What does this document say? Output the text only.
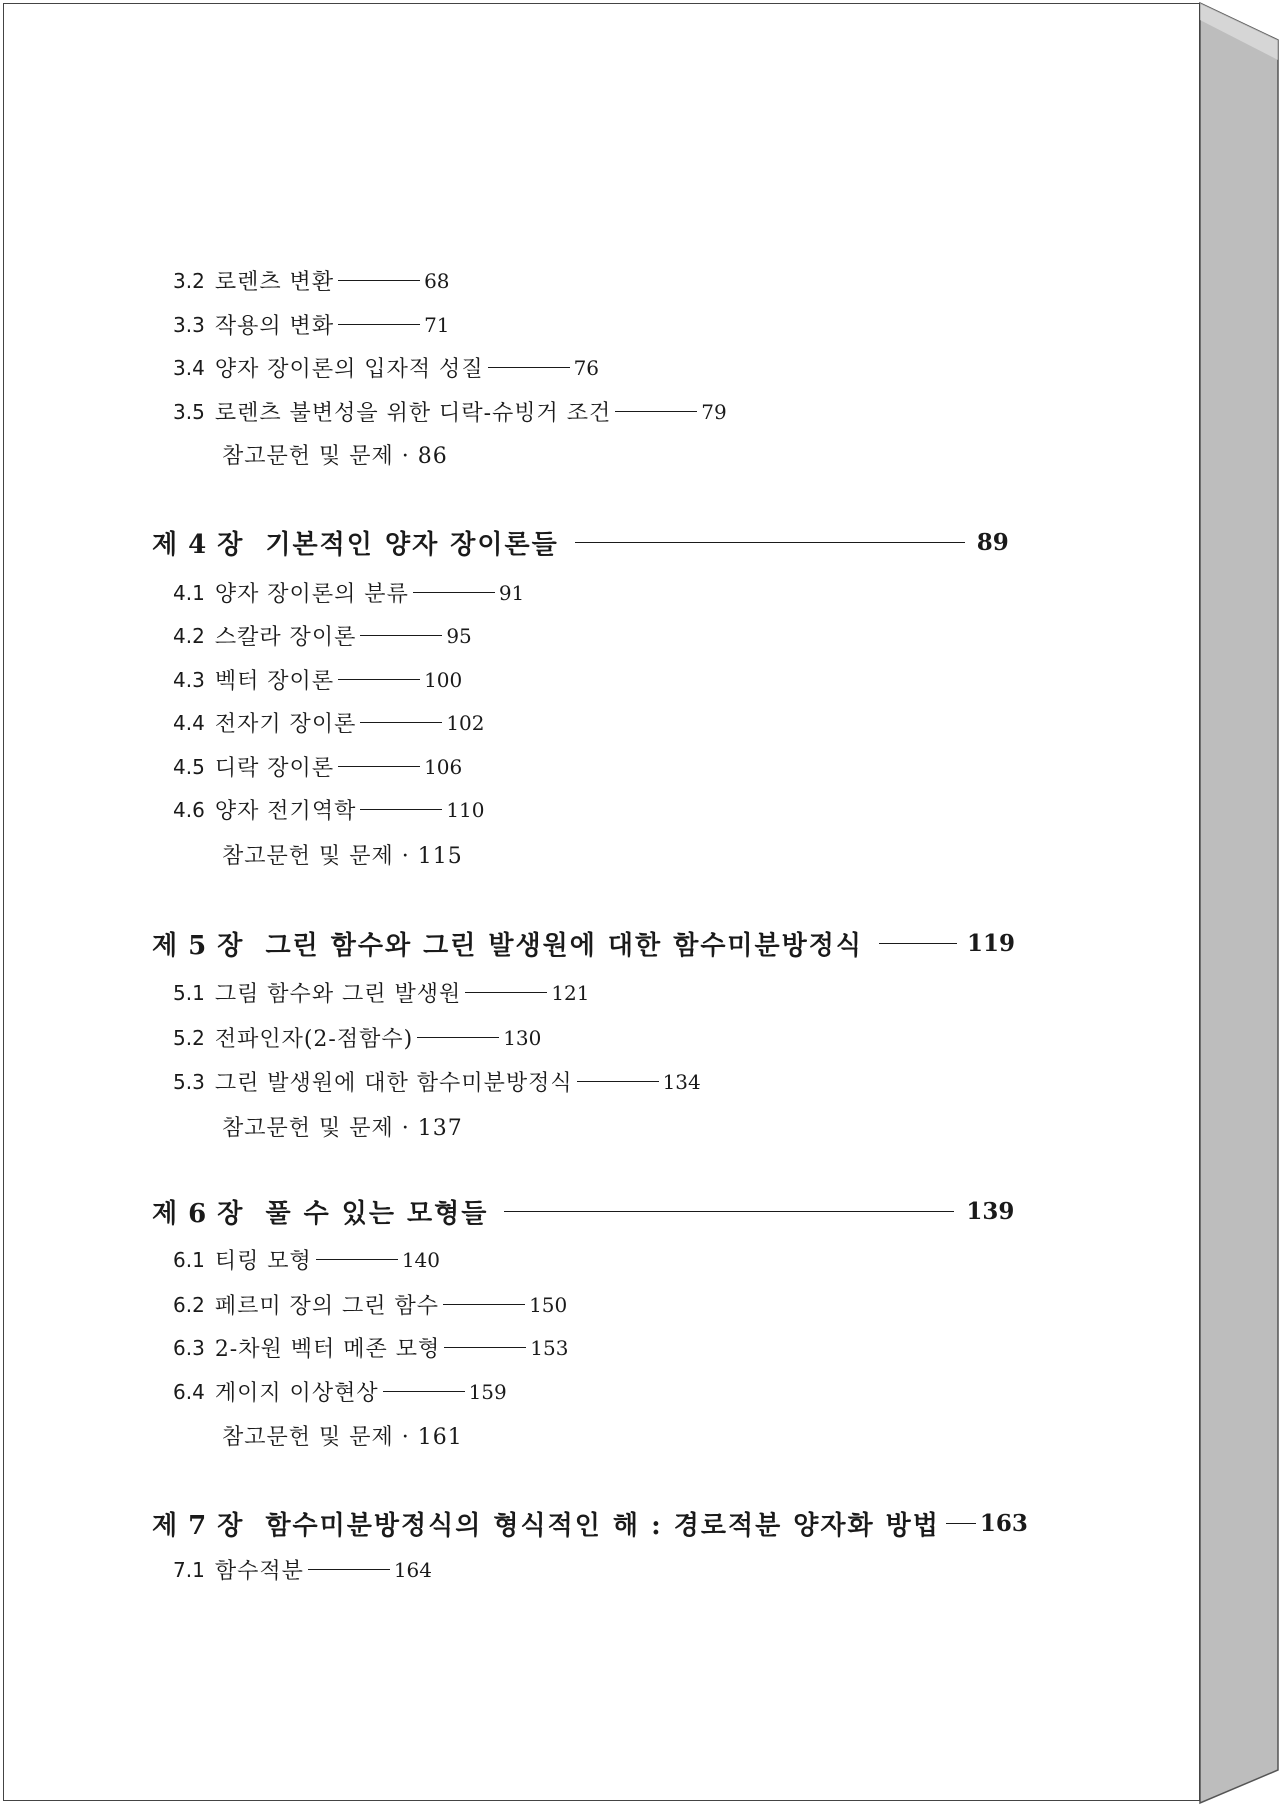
3.2 로렌츠 변환	68
3.3 작용의 변화	71
3.4 양자 장이론의 입자적 성질	76
3.5 로렌츠 불변성을 위한 디락-슈빙거 조건	79
참고문헌 및 문제 · 86
제 4 장 기본적인 양자 장이론들	89
4.1 양자 장이론의 분류	91
4.2 스칼라 장이론	95
4.3 벡터 장이론	100
4.4 전자기 장이론	102
4.5 디락 장이론	106
4.6 양자 전기역학	110
참고문헌 및 문제 · 115
제 5 장 그린 함수와 그린 발생원에 대한 함수미분방정식	119
5.1 그림 함수와 그린 발생원	121
5.2 전파인자(2-점함수)	130
5.3 그린 발생원에 대한 함수미분방정식	134
참고문헌 및 문제 · 137
제 6 장 풀 수 있는 모형들	139
6.1 티링 모형	140
6.2 페르미 장의 그린 함수	150
6.3 2-차원 벡터 메존 모형	153
6.4 게이지 이상현상	159
참고문헌 및 문제 · 161
제 7 장 함수미분방정식의 형식적인 해 : 경로적분 양자화 방법 163
7.1 함수적분	164
